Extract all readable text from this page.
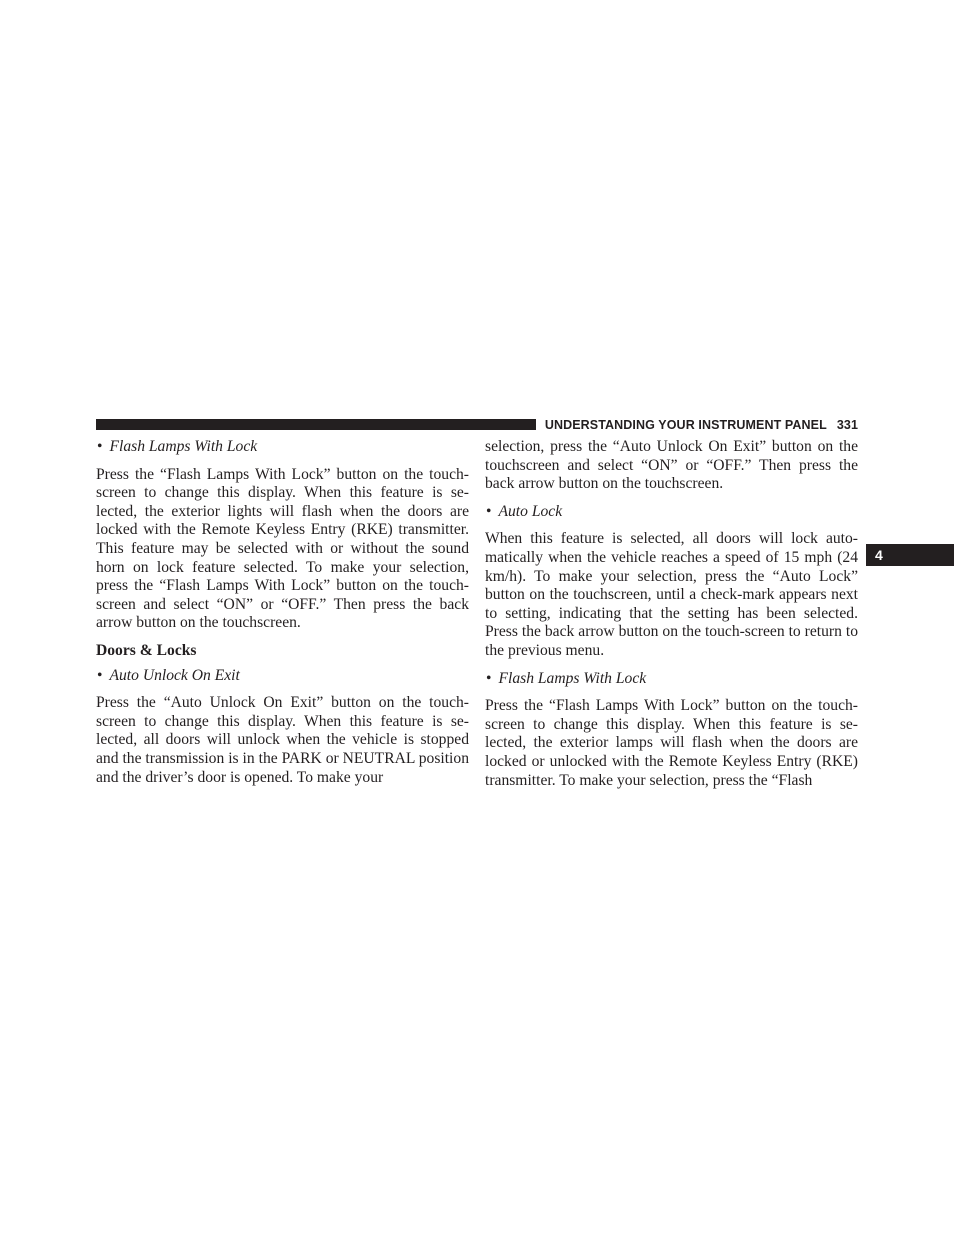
UNDERSTANDING YOUR INSTRUMENT PANEL 331
4
• Flash Lamps With Lock

Press the “Flash Lamps With Lock” button on the touch-screen to change this display. When this feature is se-lected, the exterior lights will flash when the doors are locked with the Remote Keyless Entry (RKE) transmitter. This feature may be selected with or without the sound horn on lock feature selected. To make your selection, press the “Flash Lamps With Lock” button on the touch-screen and select “ON” or “OFF.” Then press the back arrow button on the touchscreen.

Doors & Locks
• Auto Unlock On Exit

Press the “Auto Unlock On Exit” button on the touch-screen to change this display. When this feature is se-lected, all doors will unlock when the vehicle is stopped and the transmission is in the PARK or NEUTRAL position and the driver’s door is opened. To make your

selection, press the “Auto Unlock On Exit” button on the touchscreen and select “ON” or “OFF.” Then press the back arrow button on the touchscreen.

• Auto Lock

When this feature is selected, all doors will lock auto-matically when the vehicle reaches a speed of 15 mph (24 km/h). To make your selection, press the “Auto Lock” button on the touchscreen, until a check-mark appears next to setting, indicating that the setting has been selected. Press the back arrow button on the touch-screen to return to the previous menu.

• Flash Lamps With Lock

Press the “Flash Lamps With Lock” button on the touch-screen to change this display. When this feature is se-lected, the exterior lamps will flash when the doors are locked or unlocked with the Remote Keyless Entry (RKE) transmitter. To make your selection, press the “Flash
